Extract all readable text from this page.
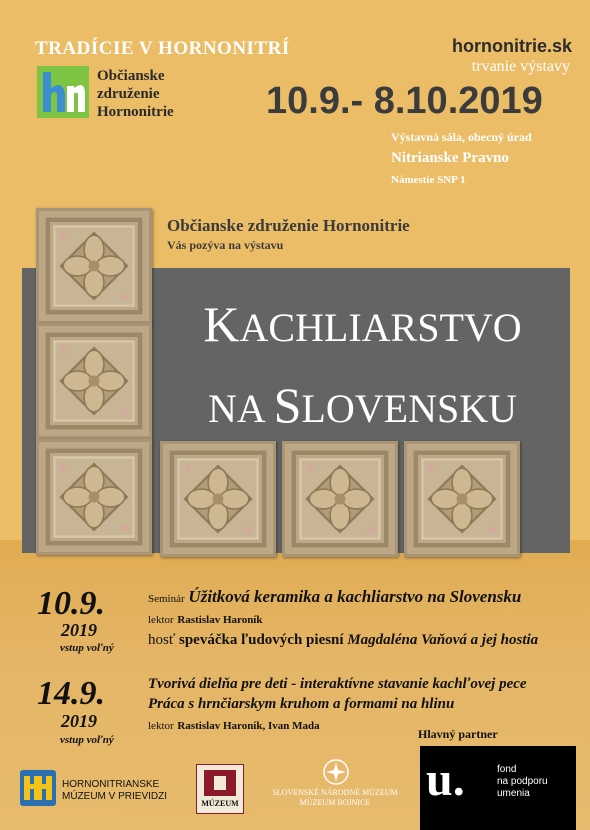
TRADÍCIE V HORNONITRÍ
Občianske
združenie
Hornonitrie
hornonitrie.sk
trvanie výstavy
10.9.- 8.10.2019
Výstavná sála, obecný úrad
Nitrianske Pravno
Námestie SNP 1
Občianske združenie Hornonitrie
Vás pozýva na výstavu
KACHLIARSTVO
NA SLOVENSKU
10.9.
2019
vstup voľný
Seminár Úžitková keramika a kachliarstvo na Slovensku
lektor Rastislav Haroník
hosť speváčka ľudových piesní Magdaléna Vaňová a jej hostia
14.9.
2019
vstup voľný
Tvorivá dielňa pre deti - interaktívne stavanie kachľovej pece
Práca s hrnčiarskym kruhom a formami na hlinu
lektor Rastislav Haroník, Ivan Mada
Hlavný partner
u.	fond
na podporu
umenia
HORNONITRIANSKE
MÚZEUM V PRIEVIDZI
MÚZEUM
SLOVENSKÉ NÁRODNÉ MÚZEUM
MÚZEUM BOJNICE
